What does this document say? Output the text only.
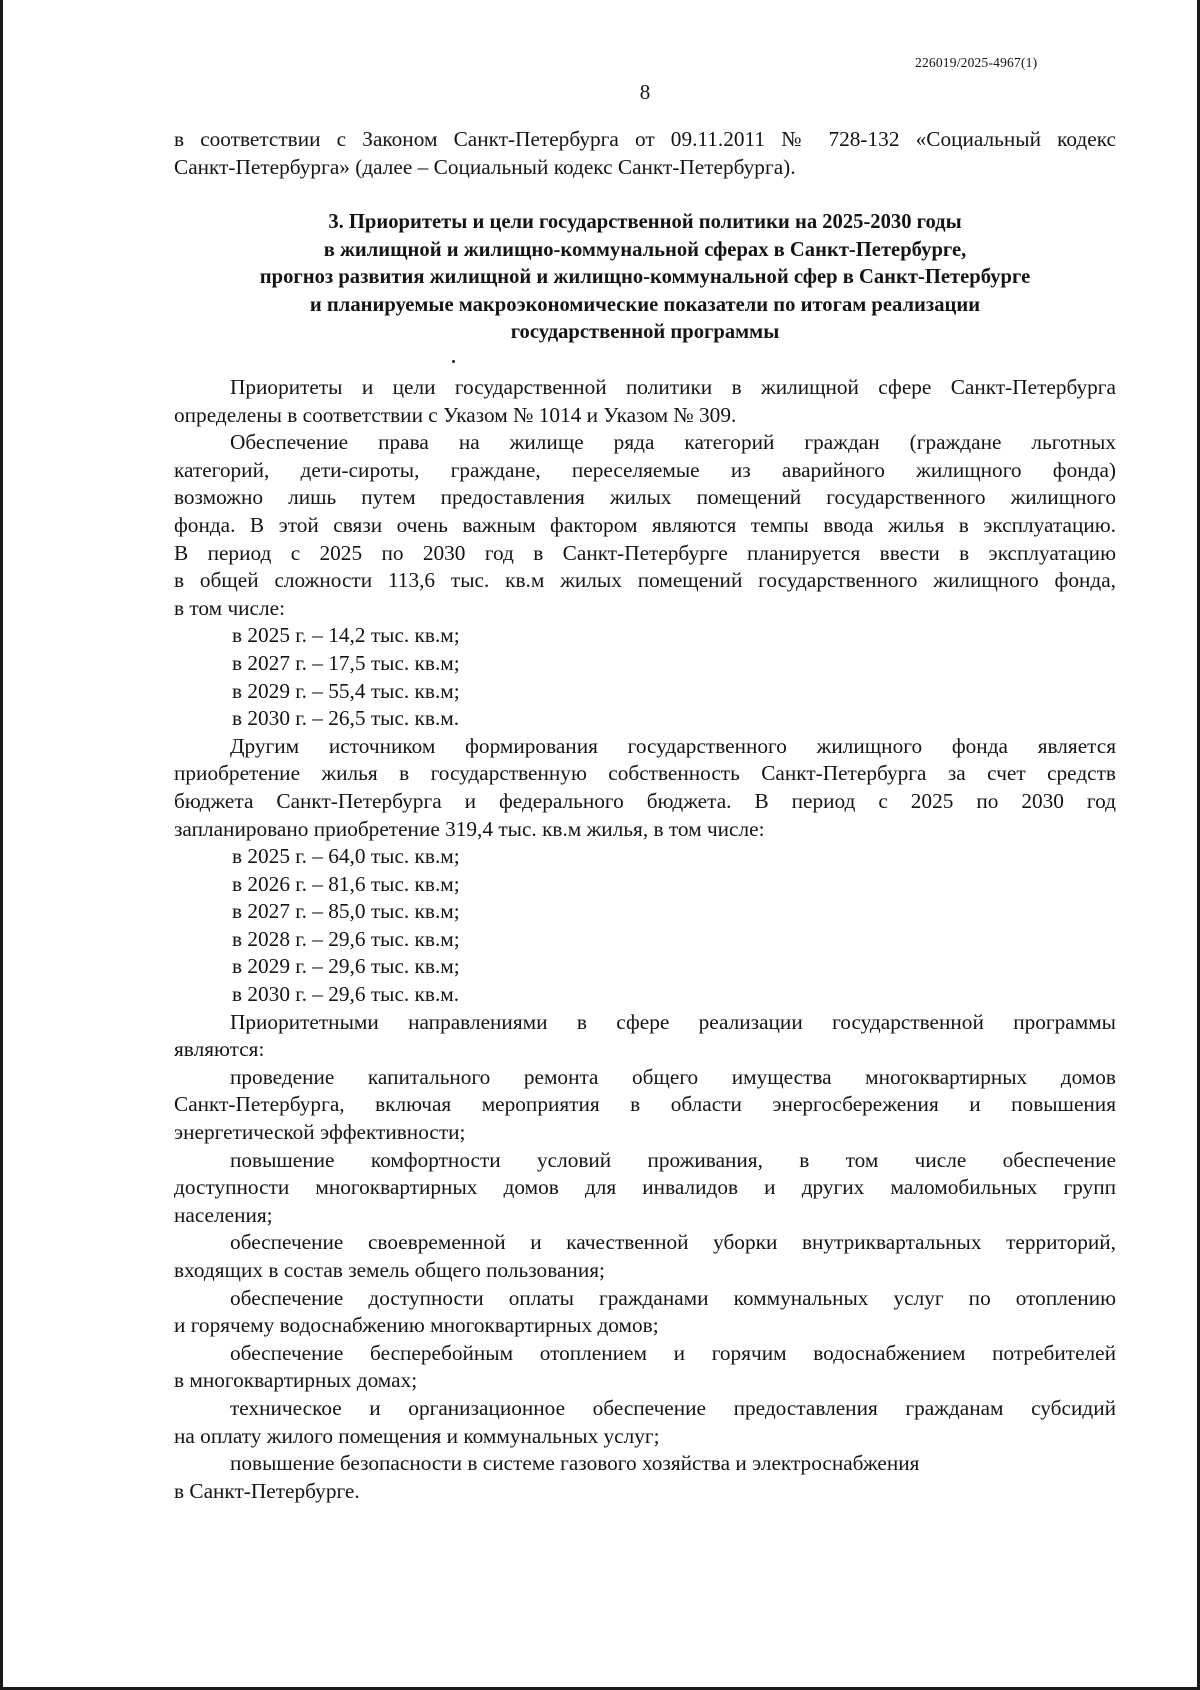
226019/2025-4967(1)
8
в соответствии с Законом Санкт-Петербурга от 09.11.2011 № 728-132 «Социальный кодекс
Санкт-Петербурга» (далее – Социальный кодекс Санкт-Петербурга).
3. Приоритеты и цели государственной политики на 2025-2030 годы
в жилищной и жилищно-коммунальной сферах в Санкт-Петербурге,
прогноз развития жилищной и жилищно-коммунальной сфер в Санкт-Петербурге
и планируемые макроэкономические показатели по итогам реализации
государственной программы
Приоритеты и цели государственной политики в жилищной сфере Санкт-Петербурга
определены в соответствии с Указом № 1014 и Указом № 309.
Обеспечение права на жилище ряда категорий граждан (граждане льготных
категорий, дети-сироты, граждане, переселяемые из аварийного жилищного фонда)
возможно лишь путем предоставления жилых помещений государственного жилищного
фонда. В этой связи очень важным фактором являются темпы ввода жилья в эксплуатацию.
В период с 2025 по 2030 год в Санкт-Петербурге планируется ввести в эксплуатацию
в общей сложности 113,6 тыс. кв.м жилых помещений государственного жилищного фонда,
в том числе:
в 2025 г. – 14,2 тыс. кв.м;
в 2027 г. – 17,5 тыс. кв.м;
в 2029 г. – 55,4 тыс. кв.м;
в 2030 г. – 26,5 тыс. кв.м.
Другим источником формирования государственного жилищного фонда является
приобретение жилья в государственную собственность Санкт-Петербурга за счет средств
бюджета Санкт-Петербурга и федерального бюджета. В период с 2025 по 2030 год
запланировано приобретение 319,4 тыс. кв.м жилья, в том числе:
в 2025 г. – 64,0 тыс. кв.м;
в 2026 г. – 81,6 тыс. кв.м;
в 2027 г. – 85,0 тыс. кв.м;
в 2028 г. – 29,6 тыс. кв.м;
в 2029 г. – 29,6 тыс. кв.м;
в 2030 г. – 29,6 тыс. кв.м.
Приоритетными направлениями в сфере реализации государственной программы
являются:
проведение капитального ремонта общего имущества многоквартирных домов
Санкт-Петербурга, включая мероприятия в области энергосбережения и повышения
энергетической эффективности;
повышение комфортности условий проживания, в том числе обеспечение
доступности многоквартирных домов для инвалидов и других маломобильных групп
населения;
обеспечение своевременной и качественной уборки внутриквартальных территорий,
входящих в состав земель общего пользования;
обеспечение доступности оплаты гражданами коммунальных услуг по отоплению
и горячему водоснабжению многоквартирных домов;
обеспечение бесперебойным отоплением и горячим водоснабжением потребителей
в многоквартирных домах;
техническое и организационное обеспечение предоставления гражданам субсидий
на оплату жилого помещения и коммунальных услуг;
повышение безопасности в системе газового хозяйства и электроснабжения
в Санкт-Петербурге.
